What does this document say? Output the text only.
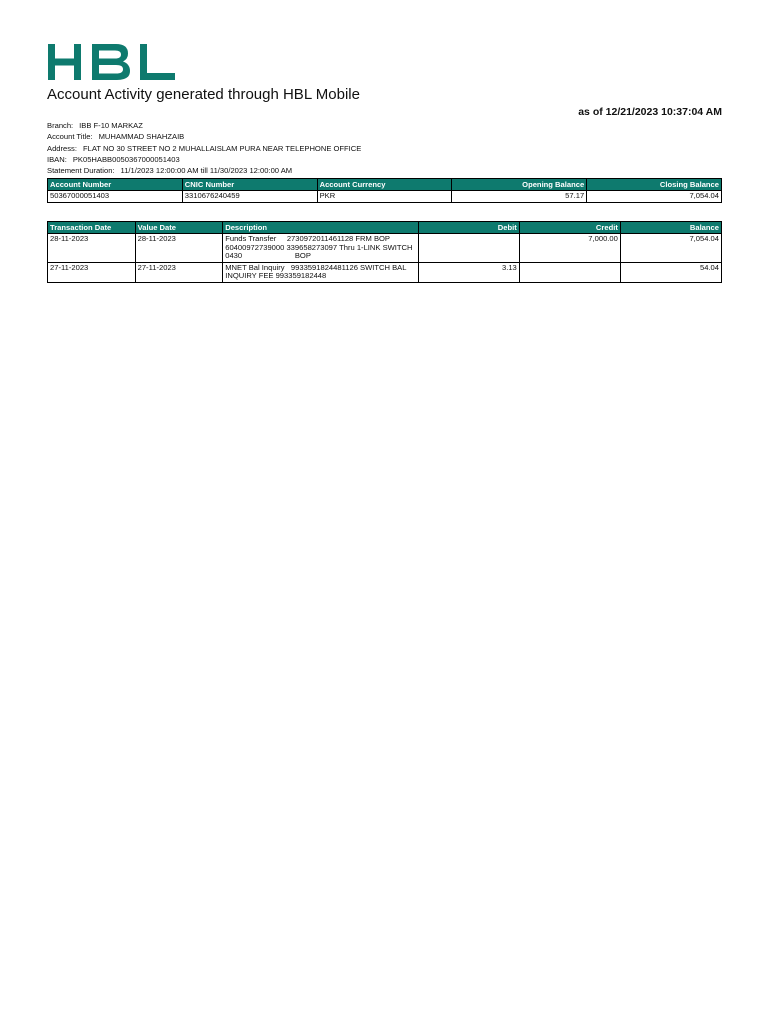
Account Activity generated through HBL Mobile
as of 12/21/2023 10:37:04 AM
Branch: IBB F-10 MARKAZ
Account Title: MUHAMMAD SHAHZAIB
Address: FLAT NO 30 STREET NO 2 MUHALLAISLAM PURA NEAR TELEPHONE OFFICE
IBAN: PK05HABB0050367000051403
Statement Duration: 11/1/2023 12:00:00 AM till 11/30/2023 12:00:00 AM
Account Number	CNIC Number	Account Currency	Opening Balance	Closing Balance
50367000051403	3310676240459	PKR	57.17	7,054.04
Transaction Date	Value Date	Description	Debit	Credit	Balance
28-11-2023	28-11-2023	Funds Transfer     2730972011461128 FRM BOP 60400972739000 339658273097 Thru 1-LINK SWITCH 0430                         BOP		7,000.00	7,054.04
27-11-2023	27-11-2023	MNET Bal Inquiry   9933591824481126 SWITCH BAL INQUIRY FEE 993359182448	3.13		54.04
